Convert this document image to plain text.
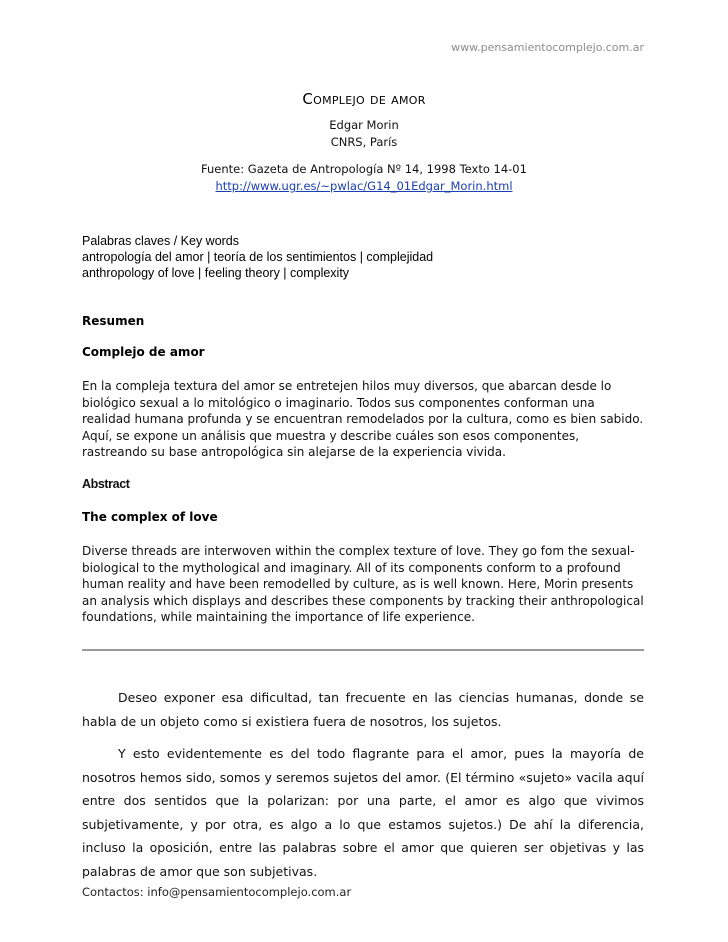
www.pensamientocomplejo.com.ar
Complejo de amor
Edgar Morin
CNRS, París
Fuente: Gazeta de Antropología Nº 14, 1998 Texto 14-01
http://www.ugr.es/~pwlac/G14_01Edgar_Morin.html
Palabras claves / Key words
antropología del amor | teoría de los sentimientos | complejidad
anthropology of love | feeling theory | complexity
Resumen
Complejo de amor
En la compleja textura del amor se entretejen hilos muy diversos, que abarcan desde lo biológico sexual a lo mitológico o imaginario. Todos sus componentes conforman una realidad humana profunda y se encuentran remodelados por la cultura, como es bien sabido. Aquí, se expone un análisis que muestra y describe cuáles son esos componentes, rastreando su base antropológica sin alejarse de la experiencia vivida.
Abstract
The complex of love
Diverse threads are interwoven within the complex texture of love. They go fom the sexual-biological to the mythological and imaginary. All of its components conform to a profound human reality and have been remodelled by culture, as is well known. Here, Morin presents an analysis which displays and describes these components by tracking their anthropological foundations, while maintaining the importance of life experience.
Deseo exponer esa dificultad, tan frecuente en las ciencias humanas, donde se habla de un objeto como si existiera fuera de nosotros, los sujetos.
Y esto evidentemente es del todo flagrante para el amor, pues la mayoría de nosotros hemos sido, somos y seremos sujetos del amor. (El término «sujeto» vacila aquí entre dos sentidos que la polarizan: por una parte, el amor es algo que vivimos subjetivamente, y por otra, es algo a lo que estamos sujetos.) De ahí la diferencia, incluso la oposición, entre las palabras sobre el amor que quieren ser objetivas y las palabras de amor que son subjetivas.
Contactos: info@pensamientocomplejo.com.ar
